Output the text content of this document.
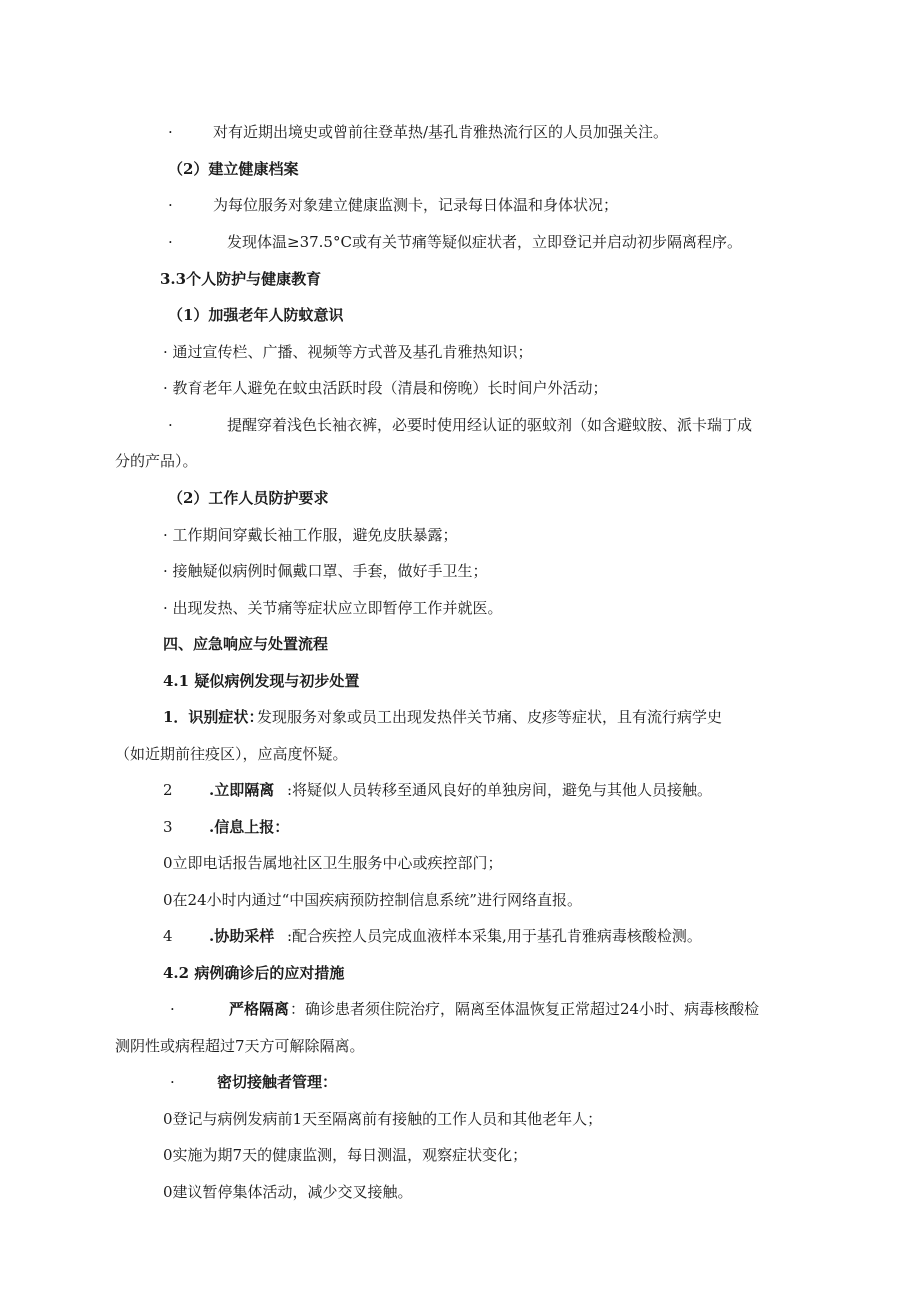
·	对有近期出境史或曾前往登革热/基孔肯雅热流行区的人员加强关注。
（2）建立健康档案
·	为每位服务对象建立健康监测卡，记录每日体温和身体状况；
·	发现体温≥37.5°C或有关节痛等疑似症状者，立即登记并启动初步隔离程序。
3.3个人防护与健康教育
（1）加强老年人防蚊意识
· 通过宣传栏、广播、视频等方式普及基孔肯雅热知识；
· 教育老年人避免在蚊虫活跃时段（清晨和傍晚）长时间户外活动；
·	提醒穿着浅色长袖衣裤，必要时使用经认证的驱蚊剂（如含避蚊胺、派卡瑞丁成
分的产品）。
（2）工作人员防护要求
· 工作期间穿戴长袖工作服，避免皮肤暴露；
· 接触疑似病例时佩戴口罩、手套，做好手卫生；
· 出现发热、关节痛等症状应立即暂停工作并就医。
四、应急响应与处置流程
4.1 疑似病例发现与初步处置
1．识别症状：
发现服务对象或员工出现发热伴关节痛、皮疹等症状，且有流行病学史
（如近期前往疫区），应高度怀疑。
2 .立即隔离 :将疑似人员转移至通风良好的单独房间，避免与其他人员接触。
3 .信息上报：
0立即电话报告属地社区卫生服务中心或疾控部门；
0在24小时内通过“中国疾病预防控制信息系统”进行网络直报。
4 .协助采样 :配合疾控人员完成血液样本采集,用于基孔肯雅病毒核酸检测。
4.2 病例确诊后的应对措施
·	严格隔离 ：确诊患者须住院治疗，隔离至体温恢复正常超过24小时、病毒核酸检
测阴性或病程超过7天方可解除隔离。
·	密切接触者管理：
0登记与病例发病前1天至隔离前有接触的工作人员和其他老年人；
0实施为期7天的健康监测，每日测温，观察症状变化；
0建议暂停集体活动，减少交叉接触。
